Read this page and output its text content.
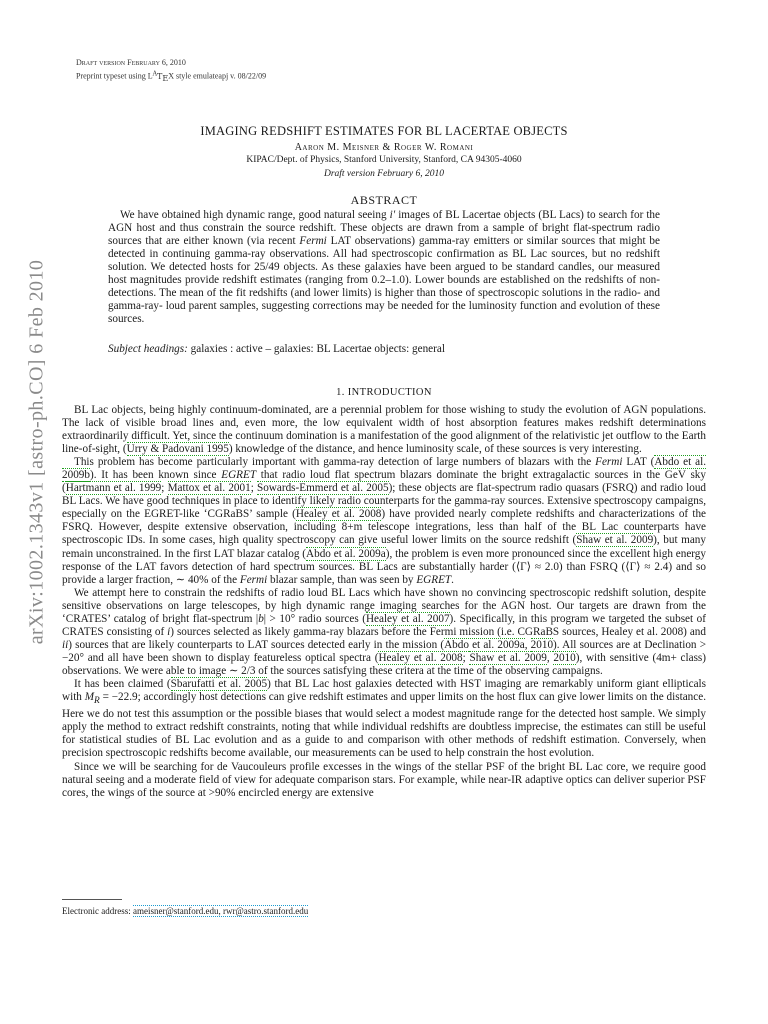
arXiv:1002.1343v1 [astro-ph.CO] 6 Feb 2010
Draft version February 6, 2010
Preprint typeset using $L^AT_EX$ style emulateapj v. 08/22/09
IMAGING REDSHIFT ESTIMATES FOR BL LACERTAE OBJECTS
Aaron M. Meisner & Roger W. Romani
KIPAC/Dept. of Physics, Stanford University, Stanford, CA 94305-4060
Draft version February 6, 2010
ABSTRACT
We have obtained high dynamic range, good natural seeing i′ images of BL Lacertae objects (BL Lacs) to search for the AGN host and thus constrain the source redshift. These objects are drawn from a sample of bright flat-spectrum radio sources that are either known (via recent Fermi LAT observations) gamma-ray emitters or similar sources that might be detected in continuing gamma-ray observations. All had spectroscopic confirmation as BL Lac sources, but no redshift solution. We detected hosts for 25/49 objects. As these galaxies have been argued to be standard candles, our measured host magnitudes provide redshift estimates (ranging from 0.2–1.0). Lower bounds are established on the redshifts of non-detections. The mean of the fit redshifts (and lower limits) is higher than those of spectroscopic solutions in the radio- and gamma-ray- loud parent samples, suggesting corrections may be needed for the luminosity function and evolution of these sources.
Subject headings: galaxies : active – galaxies: BL Lacertae objects: general
1. INTRODUCTION

BL Lac objects, being highly continuum-dominated, are a perennial problem for those wishing to study the evolution of AGN populations. The lack of visible broad lines and, even more, the low equivalent width of host absorption features makes redshift determinations extraordinarily difficult. Yet, since the continuum domination is a manifestation of the good alignment of the relativistic jet outflow to the Earth line-of-sight, (Urry & Padovani 1995) knowledge of the distance, and hence luminosity scale, of these sources is very interesting.

This problem has become particularly important with gamma-ray detection of large numbers of blazars with the Fermi LAT (Abdo et al. 2009b). It has been known since EGRET that radio loud flat spectrum blazars dominate the bright extragalactic sources in the GeV sky (Hartmann et al. 1999; Mattox et al. 2001; Sowards-Emmerd et al. 2005); these objects are flat-spectrum radio quasars (FSRQ) and radio loud BL Lacs. We have good techniques in place to identify likely radio counterparts for the gamma-ray sources. Extensive spectroscopy campaigns, especially on the EGRET-like ‘CGRaBS’ sample (Healey et al. 2008) have provided nearly complete redshifts and characterizations of the FSRQ. However, despite extensive observation, including 8+m telescope integrations, less than half of the BL Lac counterparts have spectroscopic IDs. In some cases, high quality spectroscopy can give useful lower limits on the source redshift (Shaw et al. 2009), but many remain unconstrained. In the first LAT blazar catalog (Abdo et al. 2009a), the problem is even more pronounced since the excellent high energy response of the LAT favors detection of hard spectrum sources. BL Lacs are substantially harder (⟨Γ⟩ ≈ 2.0) than FSRQ (⟨Γ⟩ ≈ 2.4) and so provide a larger fraction, ∼ 40% of the Fermi blazar sample, than was seen by EGRET.

We attempt here to constrain the redshifts of radio loud BL Lacs which have shown no convincing spectroscopic redshift solution, despite sensitive observations on large telescopes, by high dynamic range imaging searches for the AGN host. Our targets are drawn from the ‘CRATES’ catalog of bright flat-spectrum |b| > 10° radio sources (Healey et al. 2007). Specifically, in this program we targeted the subset of CRATES consisting of i) sources selected as likely gamma-ray blazars before the Fermi mission (i.e. CGRaBS sources, Healey et al. 2008) and ii) sources that are likely counterparts to LAT sources detected early in the mission (Abdo et al. 2009a, 2010). All sources are at Declination > −20° and all have been shown to display featureless optical spectra (Healey et al. 2008; Shaw et al. 2009, 2010), with sensitive (4m+ class) observations. We were able to image ∼ 2/3 of the sources satisfying these critera at the time of the observing campaigns.

It has been claimed (Sbarufatti et al. 2005) that BL Lac host galaxies detected with HST imaging are remarkably uniform giant ellipticals with $M_R = -22.9$; accordingly host detections can give redshift estimates and upper limits on the host flux can give lower limits on the distance. Here we do not test this assumption or the possible biases that would select a modest magnitude range for the detected host sample. We simply apply the method to extract redshift constraints, noting that while individual redshifts are doubtless imprecise, the estimates can still be useful for statistical studies of BL Lac evolution and as a guide to and comparison with other methods of redshift estimation. Conversely, when precision spectroscopic redshifts become available, our measurements can be used to help constrain the host evolution.

Since we will be searching for de Vaucouleurs profile excesses in the wings of the stellar PSF of the bright BL Lac core, we require good natural seeing and a moderate field of view for adequate comparison stars. For example, while near-IR adaptive optics can deliver superior PSF cores, the wings of the source at >90% encircled energy are extensive

Electronic address: ameisner@stanford.edu, rwr@astro.stanford.edu
